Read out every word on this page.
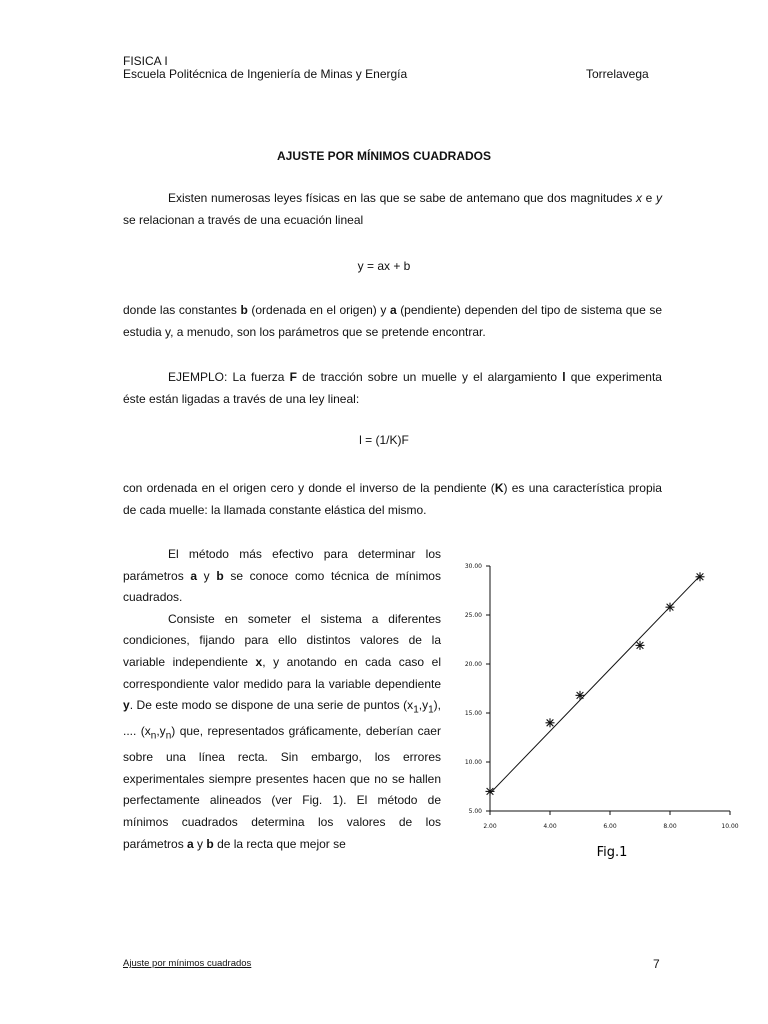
FISICA I
Escuela Politécnica de Ingeniería de Minas y Energía	Torrelavega
AJUSTE POR MÍNIMOS CUADRADOS
Existen numerosas leyes físicas en las que se sabe de antemano que dos magnitudes x e y se relacionan a través de una ecuación lineal
y = ax + b
donde las constantes b (ordenada en el origen) y a (pendiente) dependen del tipo de sistema que se estudia y, a menudo, son los parámetros que se pretende encontrar.
EJEMPLO: La fuerza F de tracción sobre un muelle y el alargamiento l que experimenta éste están ligadas a través de una ley lineal:
l = (1/K)F
con ordenada en el origen cero y donde el inverso de la pendiente (K) es una característica propia de cada muelle: la llamada constante elástica del mismo.

El método más efectivo para determinar los parámetros a y b se conoce como técnica de mínimos cuadrados.

Consiste en someter el sistema a diferentes condiciones, fijando para ello distintos valores de la variable independiente x, y anotando en cada caso el correspondiente valor medido para la variable dependiente y. De este modo se dispone de una serie de puntos $(x_1,y_1)$, .... $(x_n,y_n)$ que, representados gráficamente, deberían caer sobre una línea recta. Sin embargo, los errores experimentales siempre presentes hacen que no se hallen perfectamente alineados (ver Fig. 1). El método de mínimos cuadrados determina los valores de los parámetros a y b de la recta que mejor se

2.00	4.00	6.00	8.00	10.00
5.00
10.00
15.00
20.00
25.00
30.00
Fig.1
Ajuste por mínimos cuadrados	7
